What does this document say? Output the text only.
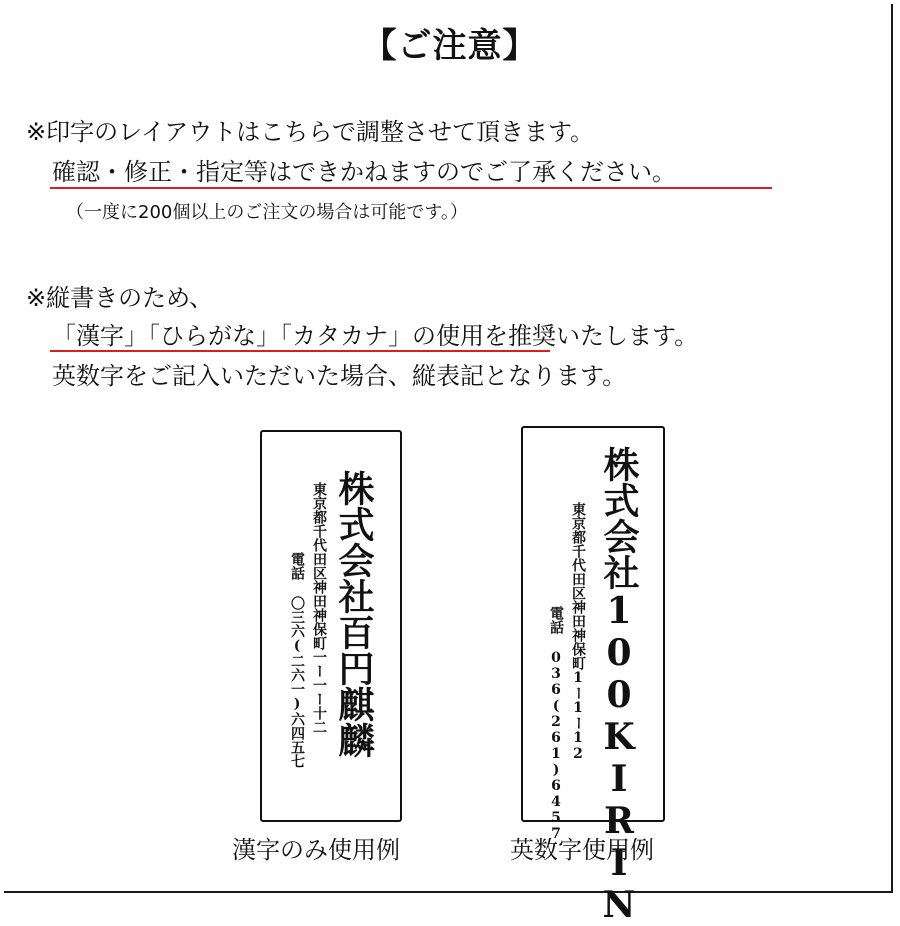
【ご注意】
※印字のレイアウトはこちらで調整させて頂きます。
確認・修正・指定等はできかねますのでご了承ください。
（一度に200個以上のご注文の場合は可能です。）
※縦書きのため、
「漢字」「ひらがな」「カタカナ」の使用を推奨いたします。
英数字をご記入いただいた場合、縦表記となります。
株式会社百円麒麟
東京都千代田区神田神保町一ー一ー十二
電話 〇三六(二六一)六四五七
漢字のみ使用例	株式会社100KIRIN
東京都千代田区神田神保町1ー1ー12
電話 036(261)6457
英数字使用例
